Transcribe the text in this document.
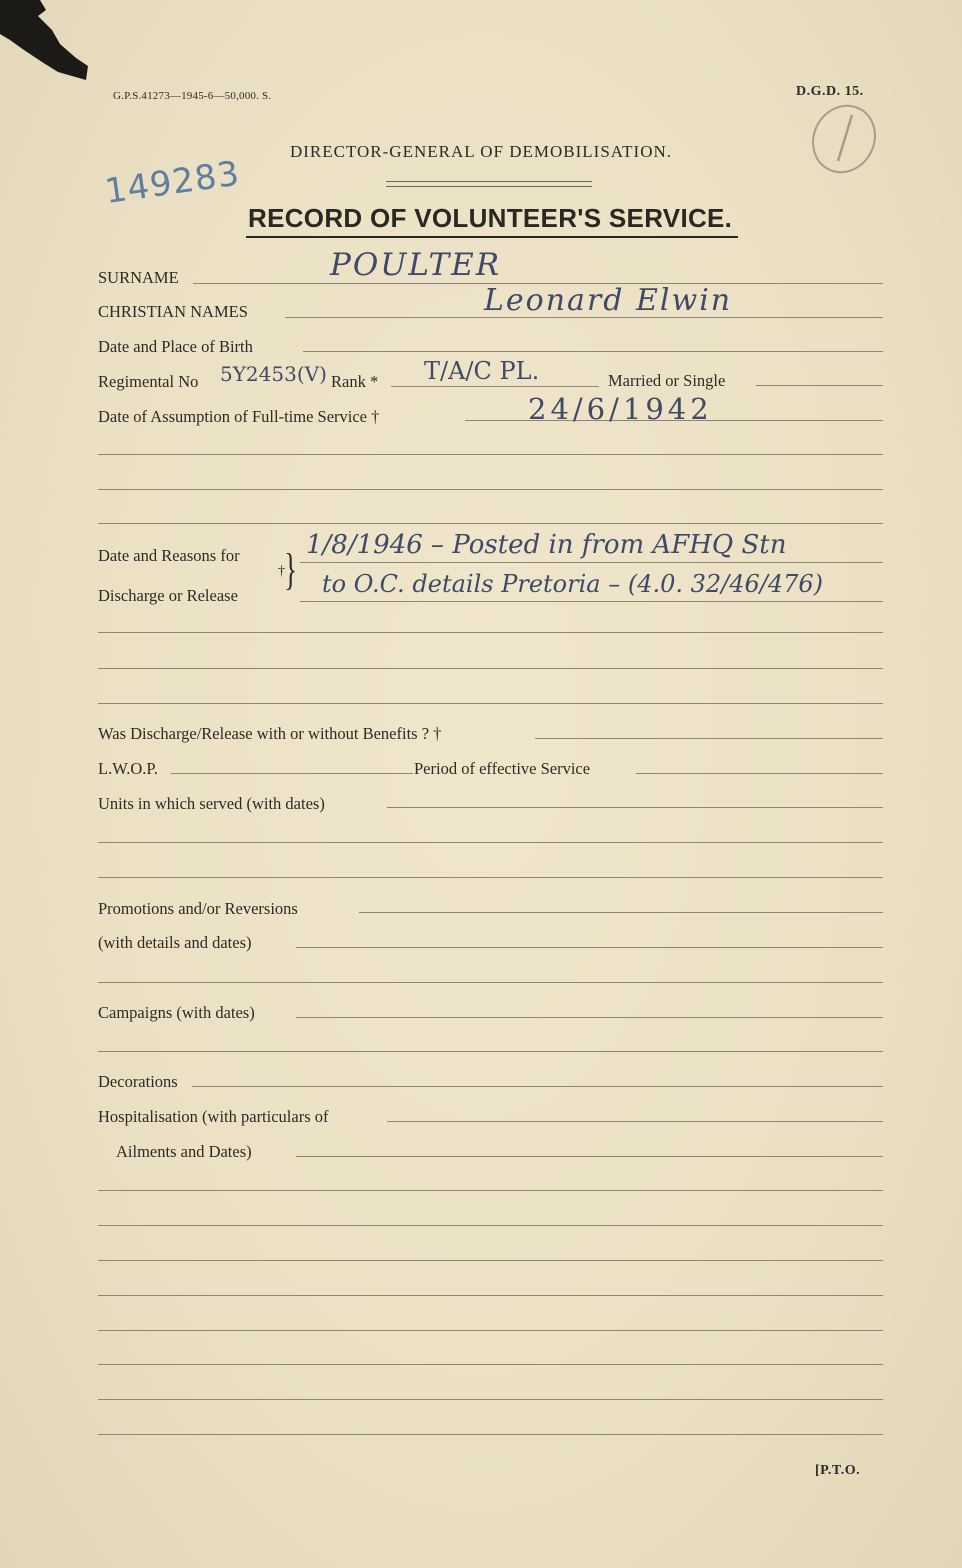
G.P.S.41273—1945-6—50,000. S.	D.G.D. 15.
DIRECTOR-GENERAL OF DEMOBILISATION.
149283
RECORD OF VOLUNTEER'S SERVICE.
SURNAME	POULTER
CHRISTIAN NAMES	Leonard Elwin
Date and Place of Birth
Regimental No 5Y2453(V) Rank * T/A/C PL.	Married or Single
Date of Assumption of Full-time Service †	24/6/1942
Date and Reasons for
Discharge or Release
† } 1/8/1946 – Posted in from AFHQ Stn
to O.C. details Pretoria – (4.0. 32/46/476)
Was Discharge/Release with or without Benefits ? †
L.W.O.P.	Period of effective Service
Units in which served (with dates)
Promotions and/or Reversions
(with details and dates)
Campaigns (with dates)
Decorations
Hospitalisation (with particulars of
Ailments and Dates)
[P.T.O.
